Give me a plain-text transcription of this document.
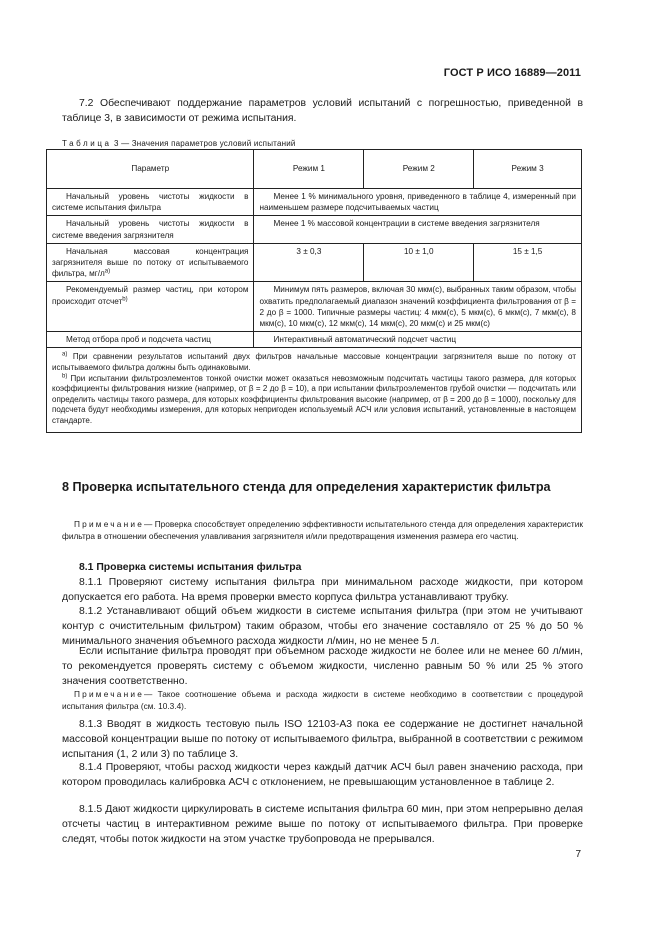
ГОСТ Р ИСО 16889—2011
7.2 Обеспечивают поддержание параметров условий испытаний с погрешностью, приведенной в таблице 3, в зависимости от режима испытания.
Таблица 3 — Значения параметров условий испытаний
Параметр	Режим 1	Режим 2	Режим 3
Начальный уровень чистоты жидкости в системе испытания фильтра	Менее 1 % минимального уровня, приведенного в таблице 4, измеренный при наименьшем размере подсчитываемых частиц		
Начальный уровень чистоты жидкости в системе введения загрязнителя	Менее 1 % массовой концентрации в системе введения загрязнителя		
Начальная массовая концентрация загрязнителя выше по потоку от испытываемого фильтра, $мг/л^{а)}$	3 ± 0,3	10 ± 1,0	15 ± 1,5
Рекомендуемый размер частиц, при котором происходит отсчет$^{b)}$	Минимум пять размеров, включая 30 мкм(с), выбранных таким образом, чтобы охватить предполагаемый диапазон значений коэффициента фильтрования от β = 2 до β = 1000. Типичные размеры частиц: 4 мкм(с), 5 мкм(с), 6 мкм(с), 7 мкм(с), 8 мкм(с), 10 мкм(с), 12 мкм(с), 14 мкм(с), 20 мкм(с) и 25 мкм(с)		
Метод отбора проб и подсчета частиц	Интерактивный автоматический подсчет частиц		

$^{а)}$ При сравнении результатов испытаний двух фильтров начальные массовые концентрации загрязнителя выше по потоку от испытываемого фильтра должны быть одинаковыми.

$^{b)}$ При испытании фильтроэлементов тонкой очистки может оказаться невозможным подсчитать частицы такого размера, для которых коэффициенты фильтрования низкие (например, от β = 2 до β = 10), а при испытании фильтроэлементов грубой очистки — подсчитать или определить частицы такого размера, для которых коэффициенты фильтрования высокие (например, от β = 200 до β = 1000), поскольку для подсчета будут необходимы измерения, для которых непригоден используемый АСЧ или условия испытаний, установленные в настоящем стандарте.			

8 Проверка испытательного стенда для определения характеристик фильтра
Примечание— Проверка способствует определению эффективности испытательного стенда для определения характеристик фильтра в отношении обеспечения улавливания загрязнителя и/или предотвращения изменения размера его частиц.
8.1 Проверка системы испытания фильтра
8.1.1 Проверяют систему испытания фильтра при минимальном расходе жидкости, при котором допускается его работа. На время проверки вместо корпуса фильтра устанавливают трубку.
8.1.2 Устанавливают общий объем жидкости в системе испытания фильтра (при этом не учитывают контур с очистительным фильтром) таким образом, чтобы его значение составляло от 25 % до 50 % минимального значения объемного расхода жидкости л/мин, но не менее 5 л.
Если испытание фильтра проводят при объемном расходе жидкости не более или не менее 60 л/мин, то рекомендуется проверять систему с объемом жидкости, численно равным 50 % или 25 % этого значения соответственно.
Примечание— Такое соотношение объема и расхода жидкости в системе необходимо в соответствии с процедурой испытания фильтра (см. 10.3.4).
8.1.3 Вводят в жидкость тестовую пыль ISO 12103-A3 пока ее содержание не достигнет начальной массовой концентрации выше по потоку от испытываемого фильтра, выбранной в соответствии с режимом испытания (1, 2 или 3) по таблице 3.
8.1.4 Проверяют, чтобы расход жидкости через каждый датчик АСЧ был равен значению расхода, при котором проводилась калибровка АСЧ с отклонением, не превышающим установленное в таблице 2.
8.1.5 Дают жидкости циркулировать в системе испытания фильтра 60 мин, при этом непрерывно делая отсчеты частиц в интерактивном режиме выше по потоку от испытываемого фильтра. При проверке следят, чтобы поток жидкости на этом участке трубопровода не прерывался.
7
